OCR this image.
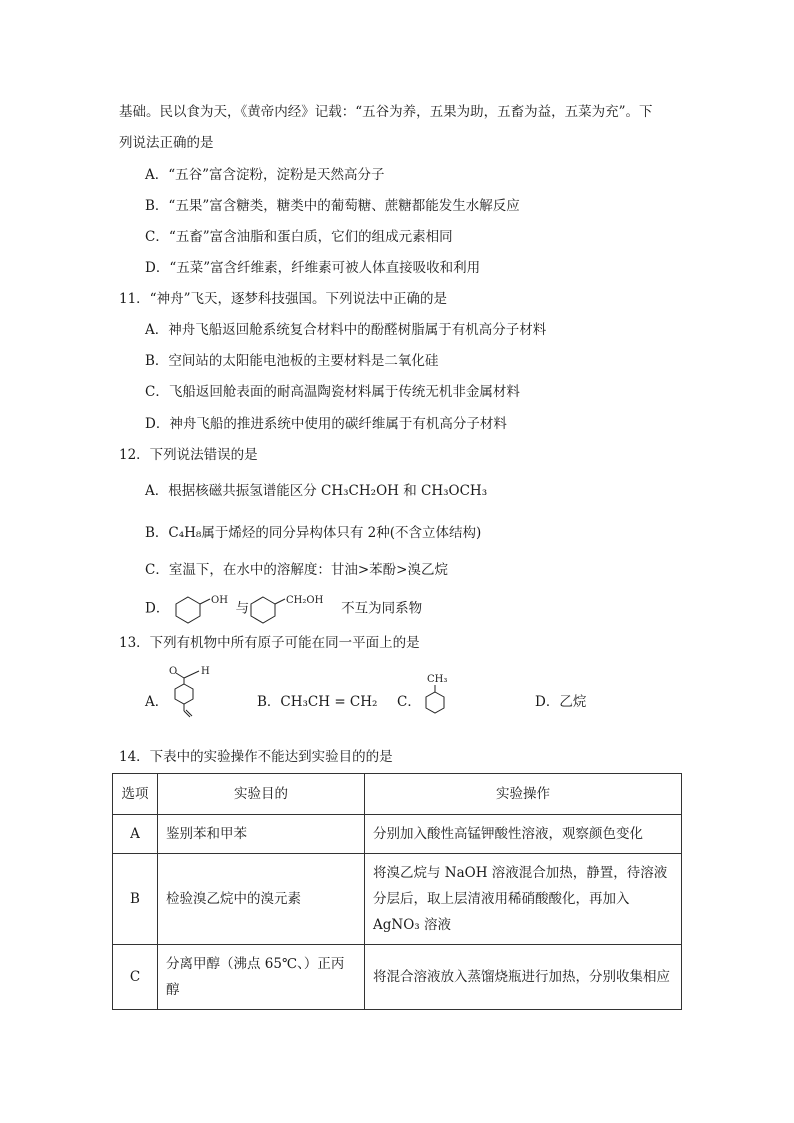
基础。民以食为天，《黄帝内经》记载：“五谷为养，五果为助，五畜为益，五菜为充”。下
列说法正确的是
A．“五谷”富含淀粉，淀粉是天然高分子
B．“五果”富含糖类，糖类中的葡萄糖、蔗糖都能发生水解反应
C．“五畜”富含油脂和蛋白质，它们的组成元素相同
D．“五菜”富含纤维素，纤维素可被人体直接吸收和利用
11．“神舟”飞天，逐梦科技强国。下列说法中正确的是
A．神舟飞船返回舱系统复合材料中的酚醛树脂属于有机高分子材料
B．空间站的太阳能电池板的主要材料是二氧化硅
C．飞船返回舱表面的耐高温陶瓷材料属于传统无机非金属材料
D．神舟飞船的推进系统中使用的碳纤维属于有机高分子材料
12．下列说法错误的是
A．根据核磁共振氢谱能区分 CH₃CH₂OH 和 CH₃OCH₃
B．C₄H₈属于烯烃的同分异构体只有 2种(不含立体结构)
C．室温下，在水中的溶解度：甘油>苯酚>溴乙烷
D．	OH 与	CH₂OH 不互为同系物
13．下列有机物中所有原子可能在同一平面上的是
A．
O H
B．CH₃CH = CH₂ C．
CH₃
D．乙烷
14．下表中的实验操作不能达到实验目的的是
选项	实验目的	实验操作
A	鉴别苯和甲苯	分别加入酸性高锰钾酸性溶液，观察颜色变化
B	检验溴乙烷中的溴元素	将溴乙烷与 NaOH 溶液混合加热，静置，待溶液分层后，取上层清液用稀硝酸酸化，再加入 AgNO₃ 溶液
C	分离甲醇（沸点 65℃、）正丙醇	将混合溶液放入蒸馏烧瓶进行加热，分别收集相应
